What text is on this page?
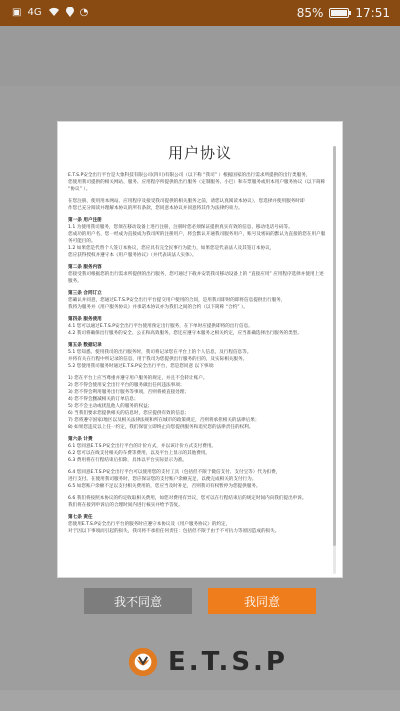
▣ 4G	◔	85%	17:51
用户协议

E.T.S.P安全出行平台是大象科技有限公司(四川)有限公司（以下称 “我司” ）根据国家的出行需求所提供的出行类服务，

您使用我司提供的相关网站、服务、应用程序所提供的出行服务（定制服务、小巴）和车票服务或用本用户服务协议（以下简称 “协议” ）。

在您注册、使用用本网站、应用程序及接受我司提供的相关服务之前，请您认真阅读本协议），您选择并使用服务时即

作您已充分阅读并理解本协议的所有条款，您同意本协议并同意将其作为法律约束力。

第一条 用户注册

1.1 为使用我司服务，您须在移动设备上进行注册，注册时您必须保证提供真实有效的信息，移动电话号码等。

您成功的用户名、您一经成为直接成为我司所的注册用户，将会默认开通我司服务用户，账号及密码的默认为直接的您在用户服务可能目的。

1.2 如果您是代替个人签订本协议，您应具有完全民事行为能力，如果您是代表法人及其签订本协议，

您应获得授权并遵守本《用户服务协议》（并代表该法人实体）。

第二条 服务内容

您接受我司根据您的出行需求所提供的出行服务，您可通过下载并安装我司移动设备上的 “直接应用” 应用程序选择并使用上述服务。

第三条 合同订立

您确认并同意，您通过E.T.S.P安全出行平台提交用户使用的合同，是用我司即时的即将信息提供出行服务，

我将为服务并《用户服务协议》并承诺本协议亦为我们之间的合约（以下简称 “合约” ）。

第四条 服务使用

4.1 您可以通过E.T.S.P安全出行平台使用预定出行服务，在下单时应提供即将的出行信息。

4.2 我司将确保出行服务的安全、公正和高效服务。您还应遵守本服务之相关约定，应当准确选择出行服务的类型。

第五条 数据记录

5.1 您知悉、使用我司的出行服务时，我司将记录您在平台上的个人信息，及行程信息等。

并将有关在行程中所记录的信息，用于我司为您提供出行服务的目的，及实际相关服务。

5.2 您使用我司服务时通过E.T.S.P安全出行平台，您是您同意 以下事项:

1) 您在平台上应当尊重并遵守用户服务的规定，并且不会转让账户。

2) 您不得会使用安全出行平台的服务做出任何违法事项；

3) 您不得会利用服务出行服务等事项，否则将被直接处理；

4) 您不得会删减相关的订单信息；

5) 您不会主动或扰乱他人的服务的权益；

6) 当我们要求您提供相关的信息时，您应提供有效的信息；

7) 您将遵守国家/地区以及相关法律法规和所在城市的政策规定，否则将承担相关的法律后果；

8) 如果您违反以上任一约定，我们保留立即终止向您提供服务和追究您的法律责任的权利。

第六条 计费

6.1 您同意E.T.S.P安全出行平台的计价方式，并以该计价方式支付费用。

6.2 您可以在线支付相关的车费等费用，以及平台上显示的其他费用。

6.3 费用将在行程结束后扣除，具体以平台实际显示为准。

6.4 您同意E.T.S.P安全出行平台可以使用您的支付工具（包括但不限于微信支付、支付宝等）代为扣费，

进行支付。在使用我司服务时，您应保证您的支付账户余额充足，以便完成相关的支付行为。

6.5 如您账户余额不足以支付相关费用的，您应当及时补足，否则我司有权暂停为您提供服务。

6.6 我们将按照本协议的约定收取相关费用，如您对费用有异议，您可以在行程结束后的规定时间内向我们提出申诉。

我们将在接到申诉后的合理时间内进行核实并给予答复。

第七条 责任

您使用E.T.S.P安全出行平台的服务时应遵守本协议及《用户服务协议》的约定，

对于因以下事项而引起的损失，我司将不承担任何责任：包括但不限于由于不可抗力等原因造成的损失。

我不同意	我同意
E.T.S.P
